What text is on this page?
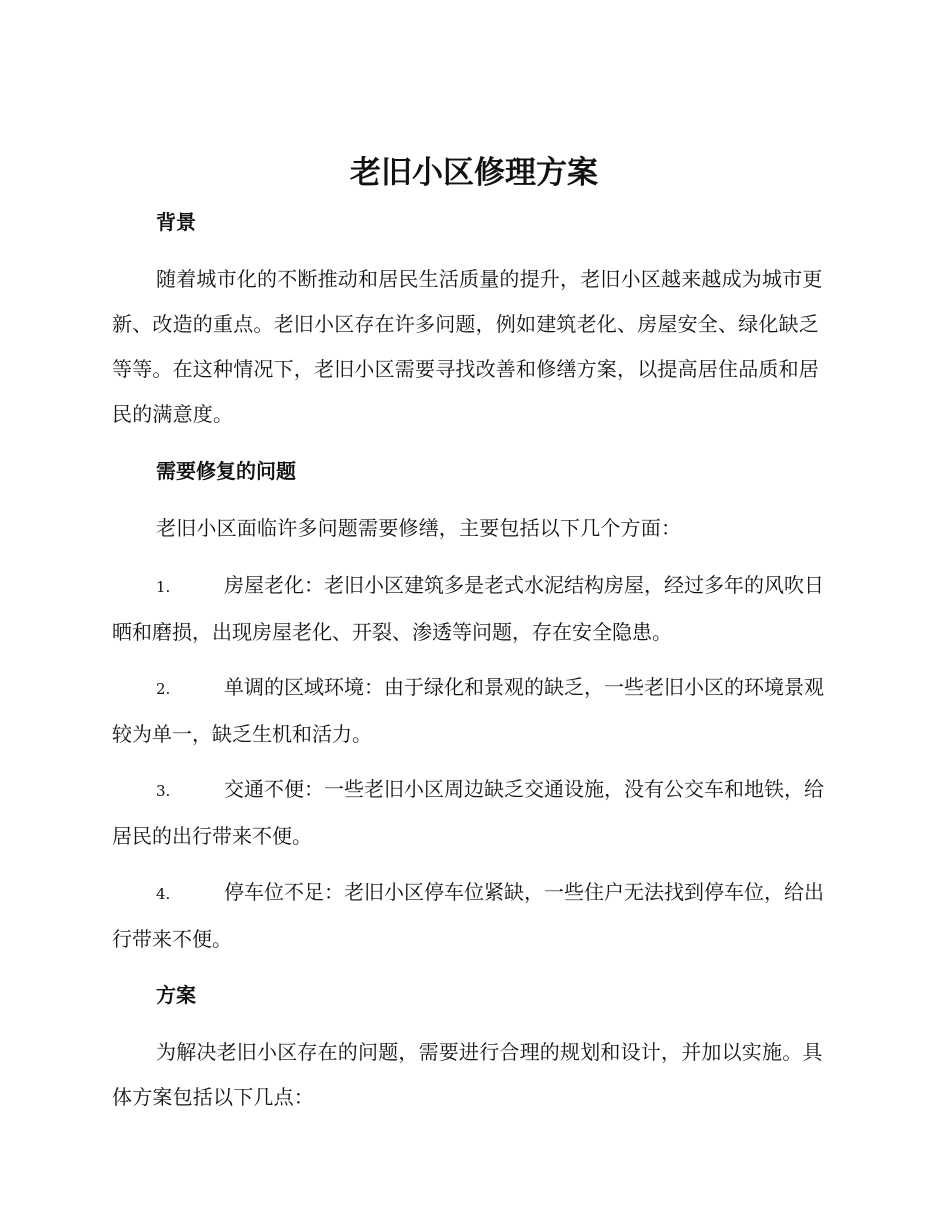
老旧小区修理方案
背景

随着城市化的不断推动和居民生活质量的提升，老旧小区越来越成为城市更新、改造的重点。老旧小区存在许多问题，例如建筑老化、房屋安全、绿化缺乏等等。在这种情况下，老旧小区需要寻找改善和修缮方案，以提高居住品质和居民的满意度。

需要修复的问题

老旧小区面临许多问题需要修缮，主要包括以下几个方面：

1.	房屋老化：老旧小区建筑多是老式水泥结构房屋，经过多年的风吹日晒和磨损，出现房屋老化、开裂、渗透等问题，存在安全隐患。

2.	单调的区域环境：由于绿化和景观的缺乏，一些老旧小区的环境景观较为单一，缺乏生机和活力。

3.	交通不便：一些老旧小区周边缺乏交通设施，没有公交车和地铁，给居民的出行带来不便。

4.	停车位不足：老旧小区停车位紧缺，一些住户无法找到停车位，给出行带来不便。

方案

为解决老旧小区存在的问题，需要进行合理的规划和设计，并加以实施。具体方案包括以下几点：
